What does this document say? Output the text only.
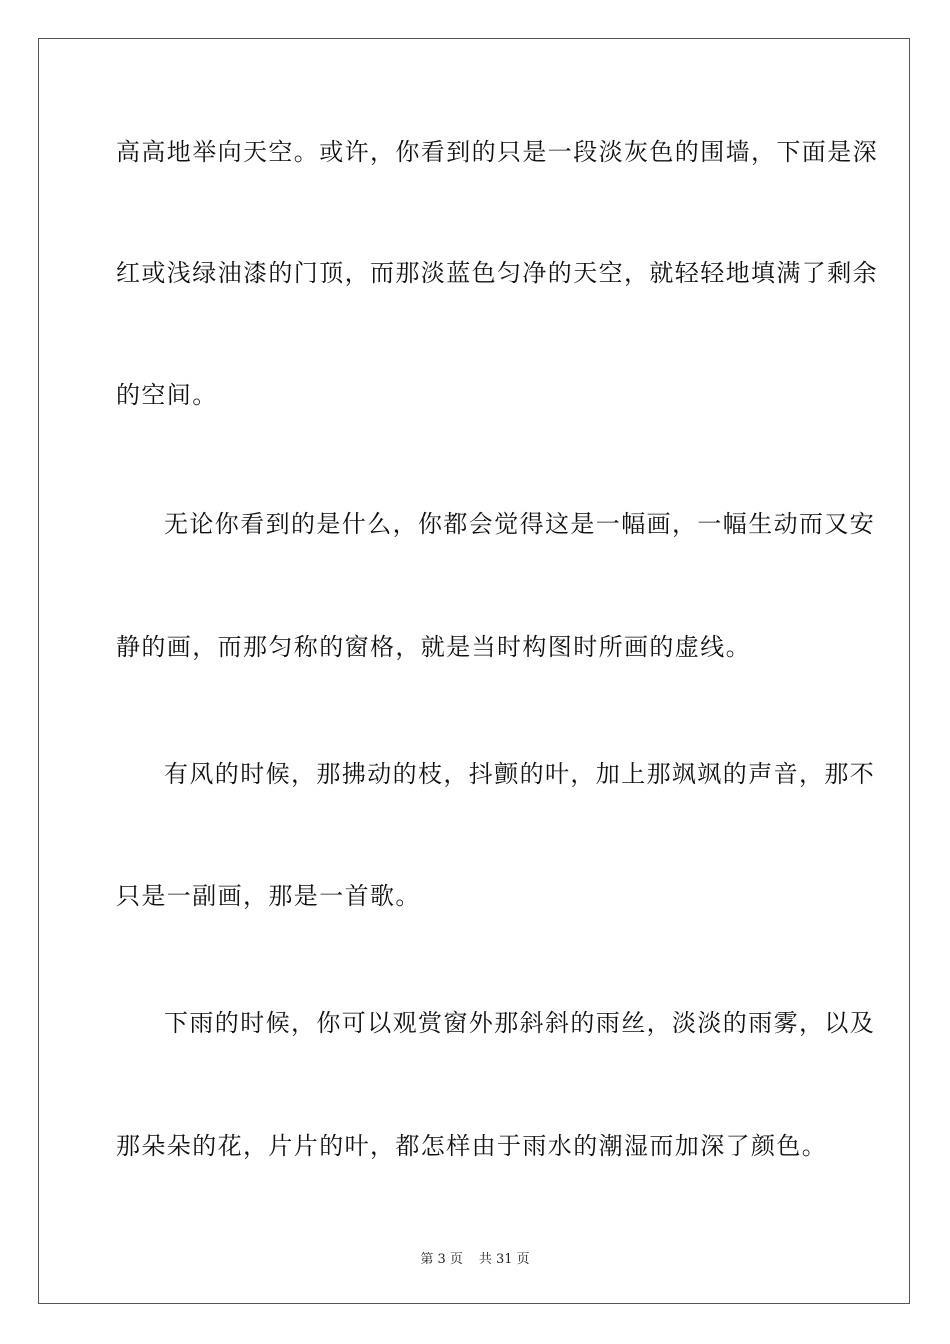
高高地举向天空。或许，你看到的只是一段淡灰色的围墙，下面是深
红或浅绿油漆的门顶，而那淡蓝色匀净的天空，就轻轻地填满了剩余
的空间。
无论你看到的是什么，你都会觉得这是一幅画，一幅生动而又安
静的画，而那匀称的窗格，就是当时构图时所画的虚线。
有风的时候，那拂动的枝，抖颤的叶，加上那飒飒的声音，那不
只是一副画，那是一首歌。
下雨的时候，你可以观赏窗外那斜斜的雨丝，淡淡的雨雾，以及
那朵朵的花，片片的叶，都怎样由于雨水的潮湿而加深了颜色。
第 3 页 共 31 页
